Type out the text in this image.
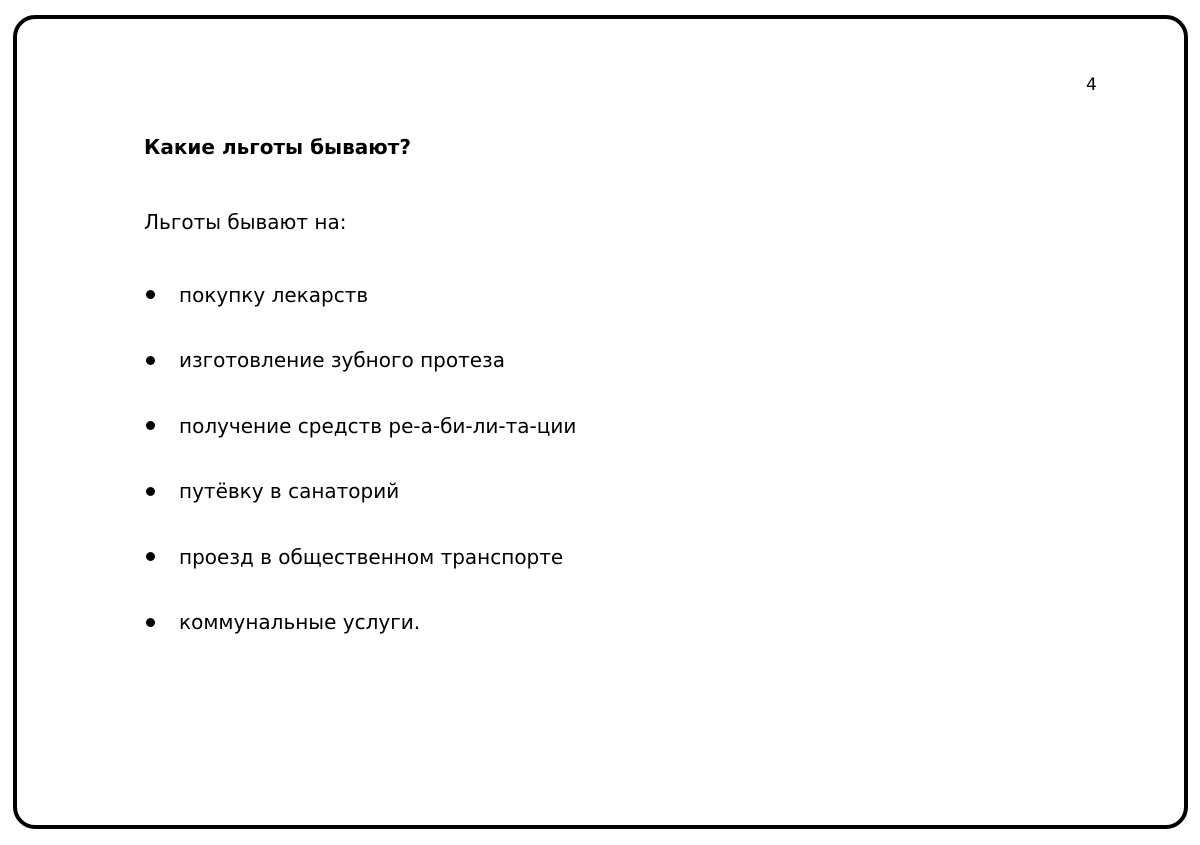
4
Какие льготы бывают?
Льготы бывают на:
покупку лекарств
изготовление зубного протеза
получение средств ре-а-би-ли-та-ции
путёвку в санаторий
проезд в общественном транспорте
коммунальные услуги.
